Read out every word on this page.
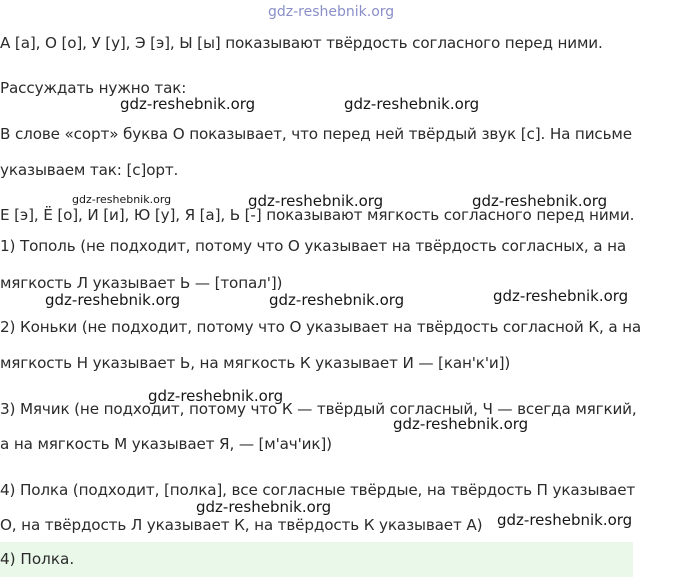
А [а], О [о], У [у], Э [э], Ы [ы] показывают твёрдость согласного перед ними.
Рассуждать нужно так:
В слове «сорт» буква О показывает, что перед ней твёрдый звук [с]. На письме
указываем так: [с]орт.
Е [э], Ё [о], И [и], Ю [у], Я [а], Ь [-] показывают мягкость согласного перед ними.
1) Тополь (не подходит, потому что О указывает на твёрдость согласных, а на
мягкость Л указывает Ь — [топал'])
2) Коньки (не подходит, потому что О указывает на твёрдость согласной К, а на
мягкость Н указывает Ь, на мягкость К указывает И — [кан'к'и])
3) Мячик (не подходит, потому что К — твёрдый согласный, Ч — всегда мягкий,
а на мягкость М указывает Я, — [м'ач'ик])
4) Полка (подходит, [полка], все согласные твёрдые, на твёрдость П указывает
О, на твёрдость Л указывает К, на твёрдость К указывает А)
4) Полка.
gdz-reshebnik.org
gdz-reshebnik.org	gdz-reshebnik.org
gdz-reshebnik.org	gdz-reshebnik.org	gdz-reshebnik.org
gdz-reshebnik.org	gdz-reshebnik.org	gdz-reshebnik.org
gdz-reshebnik.org
gdz-reshebnik.org
gdz-reshebnik.org
gdz-reshebnik.org
